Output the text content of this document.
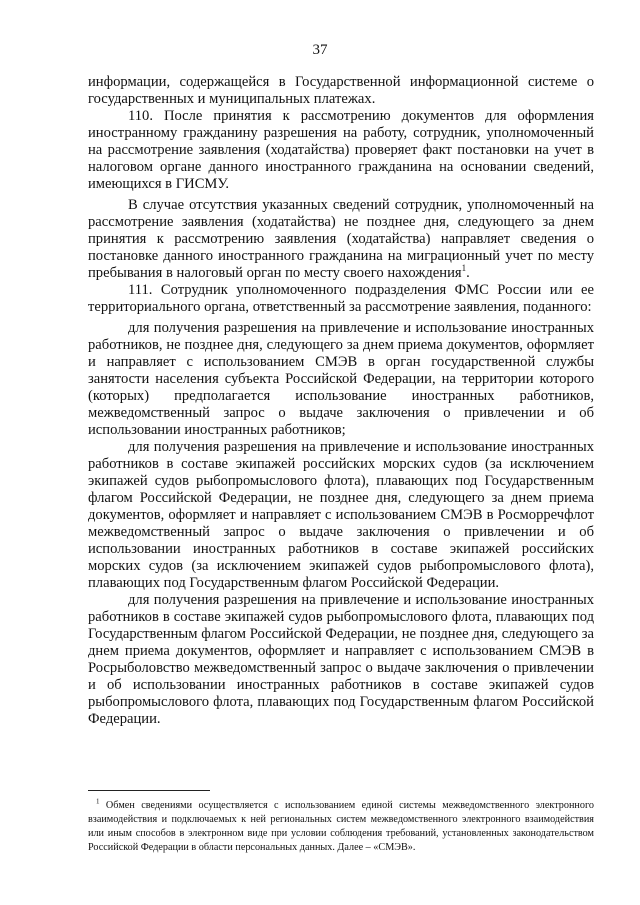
37

информации, содержащейся в Государственной информационной системе о государственных и муниципальных платежах.

110. После принятия к рассмотрению документов для оформления иностранному гражданину разрешения на работу, сотрудник, уполномоченный на рассмотрение заявления (ходатайства) проверяет факт постановки на учет в налоговом органе данного иностранного гражданина на основании сведений, имеющихся в ГИСМУ.

В случае отсутствия указанных сведений сотрудник, уполномоченный на рассмотрение заявления (ходатайства) не позднее дня, следующего за днем принятия к рассмотрению заявления (ходатайства) направляет сведения о постановке данного иностранного гражданина на миграционный учет по месту пребывания в налоговый орган по месту своего нахождения$^1$.

111. Сотрудник уполномоченного подразделения ФМС России или ее территориального органа, ответственный за рассмотрение заявления, поданного:

для получения разрешения на привлечение и использование иностранных работников, не позднее дня, следующего за днем приема документов, оформляет и направляет с использованием СМЭВ в орган государственной службы занятости населения субъекта Российской Федерации, на территории которого (которых) предполагается использование иностранных работников, межведомственный запрос о выдаче заключения о привлечении и об использовании иностранных работников;

для получения разрешения на привлечение и использование иностранных работников в составе экипажей российских морских судов (за исключением экипажей судов рыбопромыслового флота), плавающих под Государственным флагом Российской Федерации, не позднее дня, следующего за днем приема документов, оформляет и направляет с использованием СМЭВ в Росморречфлот межведомственный запрос о выдаче заключения о привлечении и об использовании иностранных работников в составе экипажей российских морских судов (за исключением экипажей судов рыбопромыслового флота), плавающих под Государственным флагом Российской Федерации.

для получения разрешения на привлечение и использование иностранных работников в составе экипажей судов рыбопромыслового флота, плавающих под Государственным флагом Российской Федерации, не позднее дня, следующего за днем приема документов, оформляет и направляет с использованием СМЭВ в Росрыболовство межведомственный запрос о выдаче заключения о привлечении и об использовании иностранных работников в составе экипажей судов рыбопромыслового флота, плавающих под Государственным флагом Российской Федерации.

$^1$ Обмен сведениями осуществляется с использованием единой системы межведомственного электронного взаимодействия и подключаемых к ней региональных систем межведомственного электронного взаимодействия или иным способов в электронном виде при условии соблюдения требований, установленных законодательством Российской Федерации в области персональных данных. Далее – «СМЭВ».
